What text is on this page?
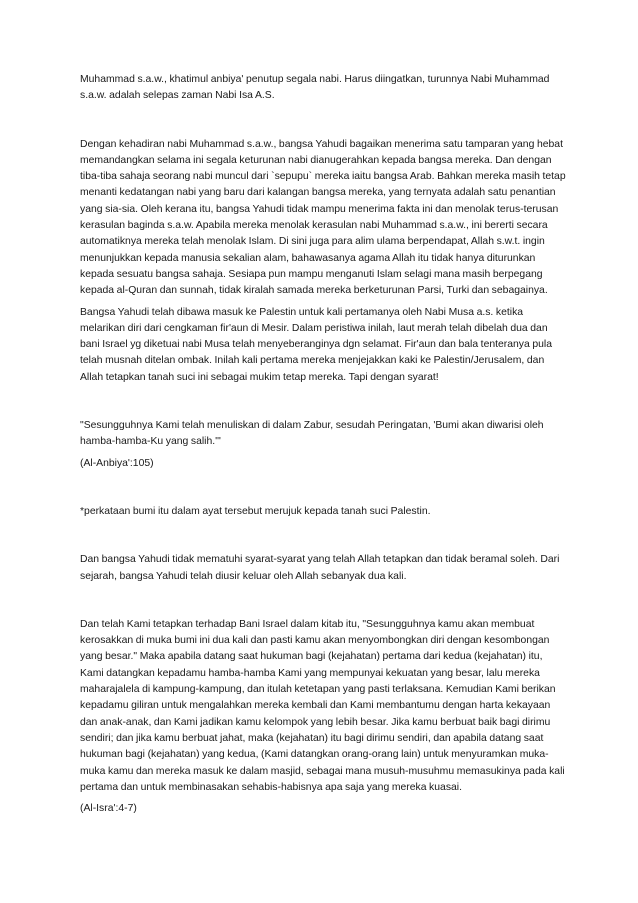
Muhammad s.a.w., khatimul anbiya' penutup segala nabi. Harus diingatkan, turunnya Nabi Muhammad s.a.w. adalah selepas zaman Nabi Isa A.S.

Dengan kehadiran nabi Muhammad s.a.w., bangsa Yahudi bagaikan menerima satu tamparan yang hebat memandangkan selama ini segala keturunan nabi dianugerahkan kepada bangsa mereka. Dan dengan tiba-tiba sahaja seorang nabi muncul dari `sepupu` mereka iaitu bangsa Arab. Bahkan mereka masih tetap menanti kedatangan nabi yang baru dari kalangan bangsa mereka, yang ternyata adalah satu penantian yang sia-sia. Oleh kerana itu, bangsa Yahudi tidak mampu menerima fakta ini dan menolak terus-terusan kerasulan baginda s.a.w. Apabila mereka menolak kerasulan nabi Muhammad s.a.w., ini bererti secara automatiknya mereka telah menolak Islam. Di sini juga para alim ulama berpendapat, Allah s.w.t. ingin menunjukkan kepada manusia sekalian alam, bahawasanya agama Allah itu tidak hanya diturunkan kepada sesuatu bangsa sahaja. Sesiapa pun mampu menganuti Islam selagi mana masih berpegang kepada al-Quran dan sunnah, tidak kiralah samada mereka berketurunan Parsi, Turki dan sebagainya.

Bangsa Yahudi telah dibawa masuk ke Palestin untuk kali pertamanya oleh Nabi Musa a.s. ketika melarikan diri dari cengkaman fir'aun di Mesir. Dalam peristiwa inilah, laut merah telah dibelah dua dan bani Israel yg diketuai nabi Musa telah menyeberanginya dgn selamat. Fir'aun dan bala tenteranya pula telah musnah ditelan ombak. Inilah kali pertama mereka menjejakkan kaki ke Palestin/Jerusalem, dan Allah tetapkan tanah suci ini sebagai mukim tetap mereka. Tapi dengan syarat!

"Sesungguhnya Kami telah menuliskan di dalam Zabur, sesudah Peringatan, 'Bumi akan diwarisi oleh hamba-hamba-Ku yang salih.'"

(Al-Anbiya':105)

*perkataan bumi itu dalam ayat tersebut merujuk kepada tanah suci Palestin.

Dan bangsa Yahudi tidak mematuhi syarat-syarat yang telah Allah tetapkan dan tidak beramal soleh. Dari sejarah, bangsa Yahudi telah diusir keluar oleh Allah sebanyak dua kali.

Dan telah Kami tetapkan terhadap Bani Israel dalam kitab itu, "Sesungguhnya kamu akan membuat kerosakkan di muka bumi ini dua kali dan pasti kamu akan menyombongkan diri dengan kesombongan yang besar." Maka apabila datang saat hukuman bagi (kejahatan) pertama dari kedua (kejahatan) itu, Kami datangkan kepadamu hamba-hamba Kami yang mempunyai kekuatan yang besar, lalu mereka maharajalela di kampung-kampung, dan itulah ketetapan yang pasti terlaksana. Kemudian Kami berikan kepadamu giliran untuk mengalahkan mereka kembali dan Kami membantumu dengan harta kekayaan dan anak-anak, dan Kami jadikan kamu kelompok yang lebih besar. Jika kamu berbuat baik bagi dirimu sendiri; dan jika kamu berbuat jahat, maka (kejahatan) itu bagi dirimu sendiri, dan apabila datang saat hukuman bagi (kejahatan) yang kedua, (Kami datangkan orang-orang lain) untuk menyuramkan muka-muka kamu dan mereka masuk ke dalam masjid, sebagai mana musuh-musuhmu memasukinya pada kali pertama dan untuk membinasakan sehabis-habisnya apa saja yang mereka kuasai.

(Al-Isra':4-7)
